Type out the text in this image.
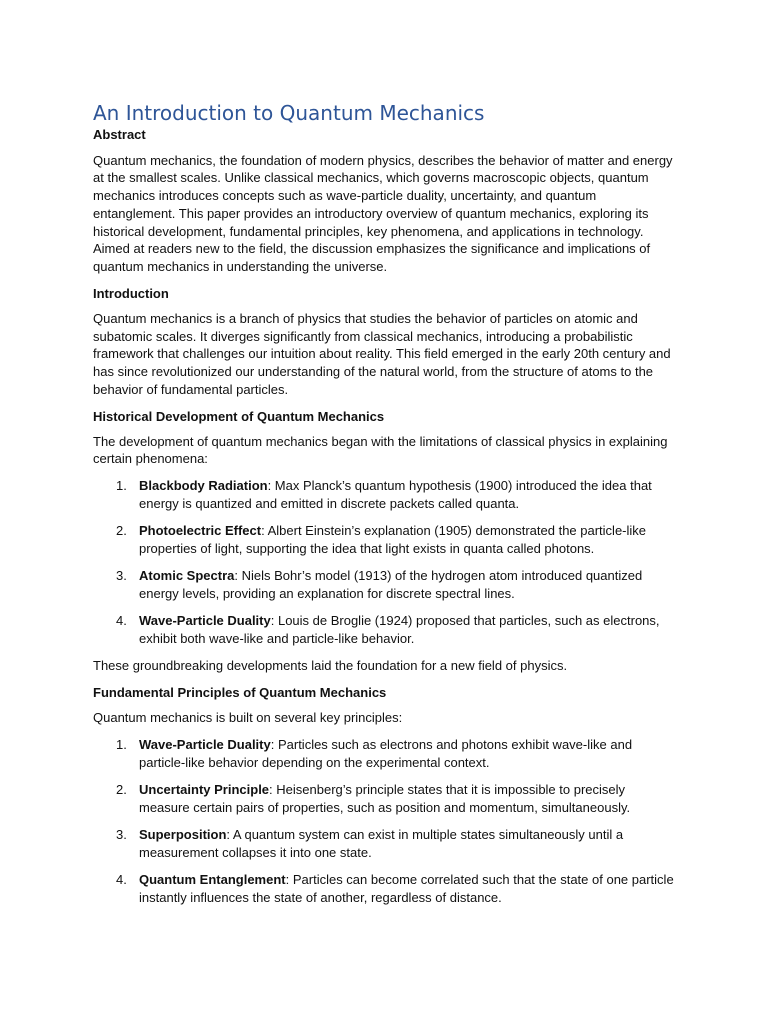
An Introduction to Quantum Mechanics
Abstract

Quantum mechanics, the foundation of modern physics, describes the behavior of matter and energy at the smallest scales. Unlike classical mechanics, which governs macroscopic objects, quantum mechanics introduces concepts such as wave-particle duality, uncertainty, and quantum entanglement. This paper provides an introductory overview of quantum mechanics, exploring its historical development, fundamental principles, key phenomena, and applications in technology. Aimed at readers new to the field, the discussion emphasizes the significance and implications of quantum mechanics in understanding the universe.

Introduction

Quantum mechanics is a branch of physics that studies the behavior of particles on atomic and subatomic scales. It diverges significantly from classical mechanics, introducing a probabilistic framework that challenges our intuition about reality. This field emerged in the early 20th century and has since revolutionized our understanding of the natural world, from the structure of atoms to the behavior of fundamental particles.

Historical Development of Quantum Mechanics

The development of quantum mechanics began with the limitations of classical physics in explaining certain phenomena:

1. Blackbody Radiation: Max Planck’s quantum hypothesis (1900) introduced the idea that energy is quantized and emitted in discrete packets called quanta.
2. Photoelectric Effect: Albert Einstein’s explanation (1905) demonstrated the particle-like properties of light, supporting the idea that light exists in quanta called photons.
3. Atomic Spectra: Niels Bohr’s model (1913) of the hydrogen atom introduced quantized energy levels, providing an explanation for discrete spectral lines.
4. Wave-Particle Duality: Louis de Broglie (1924) proposed that particles, such as electrons, exhibit both wave-like and particle-like behavior.

These groundbreaking developments laid the foundation for a new field of physics.

Fundamental Principles of Quantum Mechanics

Quantum mechanics is built on several key principles:

1. Wave-Particle Duality: Particles such as electrons and photons exhibit wave-like and particle-like behavior depending on the experimental context.
2. Uncertainty Principle: Heisenberg’s principle states that it is impossible to precisely measure certain pairs of properties, such as position and momentum, simultaneously.
3. Superposition: A quantum system can exist in multiple states simultaneously until a measurement collapses it into one state.
4. Quantum Entanglement: Particles can become correlated such that the state of one particle instantly influences the state of another, regardless of distance.
